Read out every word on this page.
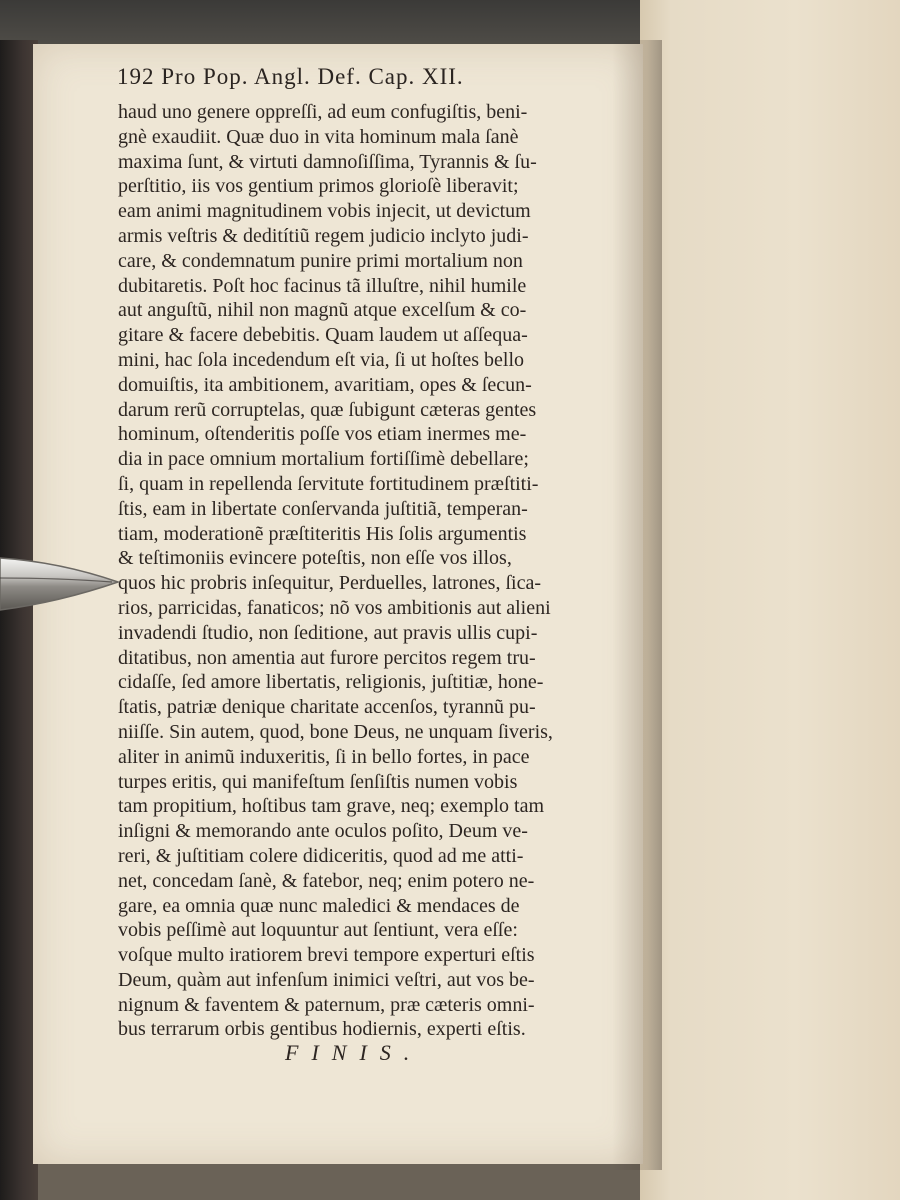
192 Pro Pop. Angl. Def. Cap. XII.
haud uno genere oppreſſi, ad eum confugiſtis, beni-
gnè exaudiit. Quæ duo in vita hominum mala ſanè
maxima ſunt, & virtuti damnoſiſſima, Tyrannis & ſu-
perſtitio, iis vos gentium primos glorioſè liberavit;
eam animi magnitudinem vobis injecit, ut devictum
armis veſtris & deditítiũ regem judicio inclyto judi-
care, & condemnatum punire primi mortalium non
dubitaretis. Poſt hoc facinus tã illuſtre, nihil humile
aut anguſtũ, nihil non magnũ atque excelſum & co-
gitare & facere debebitis. Quam laudem ut aſſequa-
mini, hac ſola incedendum eſt via, ſi ut hoſtes bello
domuiſtis, ita ambitionem, avaritiam, opes & ſecun-
darum rerũ corruptelas, quæ ſubigunt cæteras gentes
hominum, oſtenderitis poſſe vos etiam inermes me-
dia in pace omnium mortalium fortiſſimè debellare;
ſi, quam in repellenda ſervitute fortitudinem præſtiti-
ſtis, eam in libertate conſervanda juſtitiã, temperan-
tiam, moderationẽ præſtiteritis His ſolis argumentis
& teſtimoniis evincere poteſtis, non eſſe vos illos,
quos hic probris inſequitur, Perduelles, latrones, ſica-
rios, parricidas, fanaticos; nõ vos ambitionis aut alieni
invadendi ſtudio, non ſeditione, aut pravis ullis cupi-
ditatibus, non amentia aut furore percitos regem tru-
cidaſſe, ſed amore libertatis, religionis, juſtitiæ, hone-
ſtatis, patriæ denique charitate accenſos, tyrannũ pu-
niiſſe. Sin autem, quod, bone Deus, ne unquam ſiveris,
aliter in animũ induxeritis, ſi in bello fortes, in pace
turpes eritis, qui manifeſtum ſenſiſtis numen vobis
tam propitium, hoſtibus tam grave, neq; exemplo tam
inſigni & memorando ante oculos poſito, Deum ve-
reri, & juſtitiam colere didiceritis, quod ad me atti-
net, concedam ſanè, & fatebor, neq; enim potero ne-
gare, ea omnia quæ nunc maledici & mendaces de
vobis peſſimè aut loquuntur aut ſentiunt, vera eſſe:
voſque multo iratiorem brevi tempore experturi eſtis
Deum, quàm aut infenſum inimici veſtri, aut vos be-
nignum & faventem & paternum, præ cæteris omni-
bus terrarum orbis gentibus hodiernis, experti eſtis.
FINIS.
